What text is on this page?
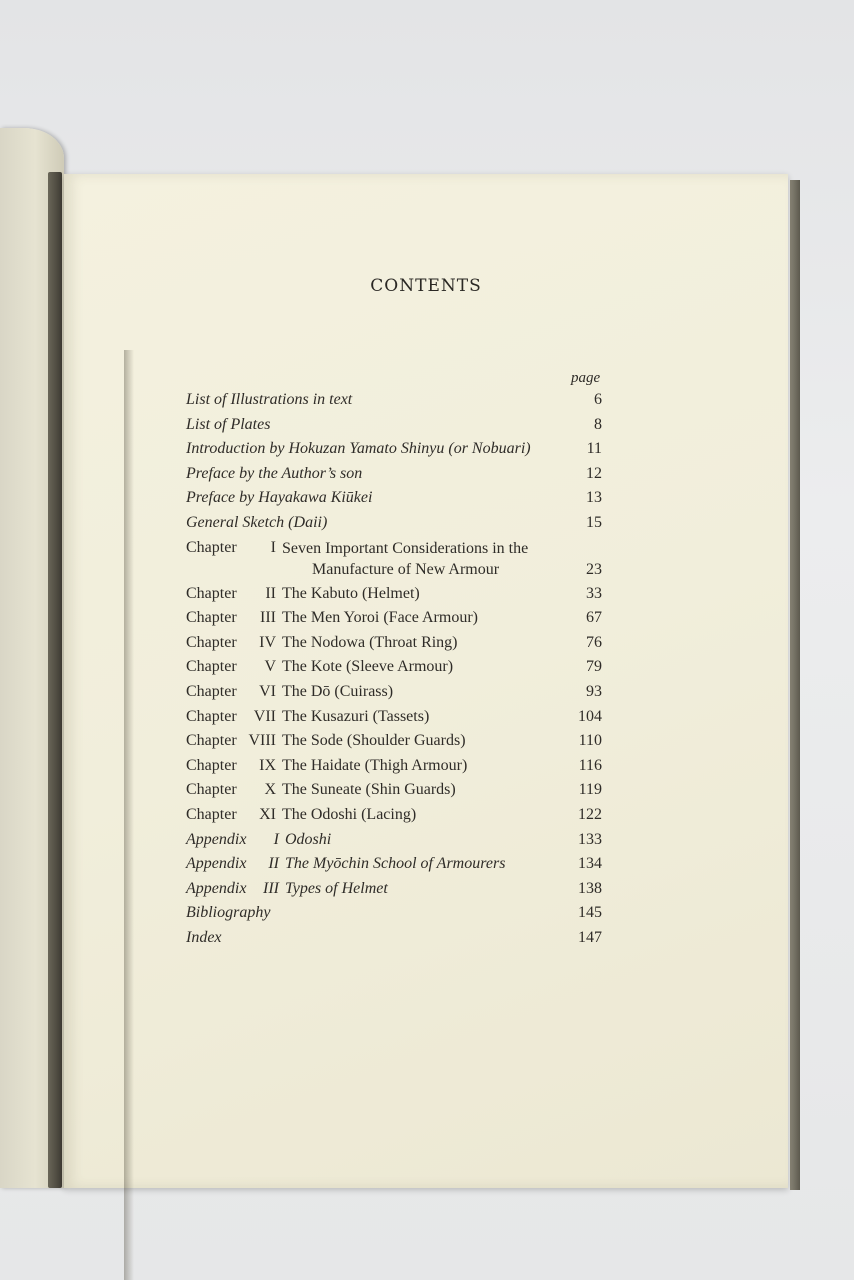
CONTENTS
page
List of Illustrations in text	6
List of Plates	8
Introduction by Hokuzan Yamato Shinyu (or Nobuari)	11
Preface by the Author’s son	12
Preface by Hayakawa Kiūkei	13
General Sketch (Daii)	15
Chapter	I Seven Important Considerations in the
Manufacture of New Armour	23
Chapter	II The Kabuto (Helmet)	33
Chapter	III The Men Yoroi (Face Armour)	67
Chapter	IV The Nodowa (Throat Ring)	76
Chapter	V The Kote (Sleeve Armour)	79
Chapter	VI The Dō (Cuirass)	93
Chapter	VII The Kusazuri (Tassets)	104
Chapter VIII The Sode (Shoulder Guards)	110
Chapter	IX The Haidate (Thigh Armour)	116
Chapter	X The Suneate (Shin Guards)	119
Chapter	XI The Odoshi (Lacing)	122
Appendix	I Odoshi	133
Appendix	II The Myōchin School of Armourers	134
Appendix	III Types of Helmet	138
Bibliography	145
Index	147
